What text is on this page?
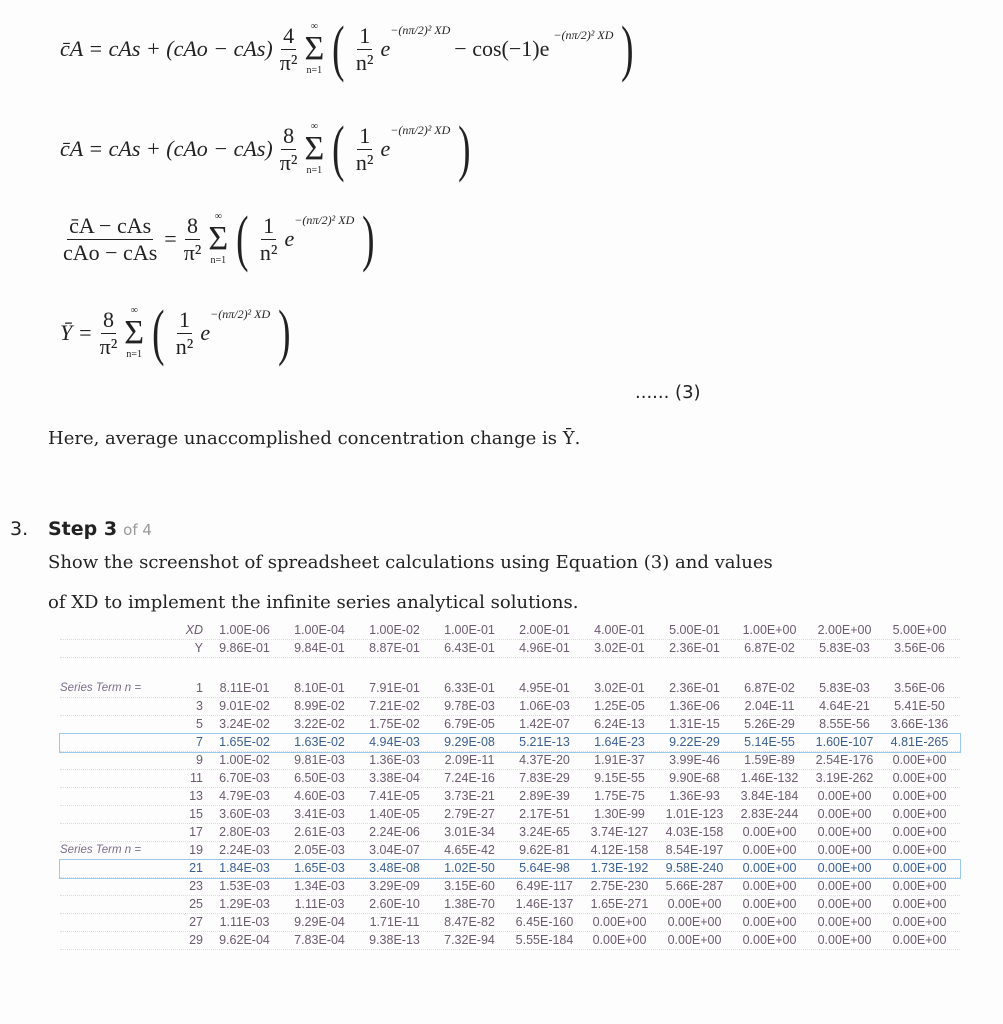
c̄A = cAs + $(cAo - cAs) \frac{4}{\text{π²}}$ ∞
Σ
n=1 ( $\frac{1}{\text{n²}} e^{-(n\pi/2)^2 XD}$
− cos(−1)e
$^{-(n\pi/2)^2 XD}$ )
c̄A = cAs + $(cAo - cAs) \frac{8}{\text{π²}}$ ∞
Σ
n=1 ( $\frac{1}{\text{n²}} e^{-(n\pi/2)^2 XD}$ )
$\frac{\text{c̄A − cAs}}{\text{cAo − cAs}} = \frac{8}{\text{π²}}$ ∞
Σ
n=1 ( $\frac{1}{\text{n²}} e^{-(n\pi/2)^2 XD}$ )
Ȳ = $\frac{8}{\text{π²}}$ ∞
Σ
n=1 ( $\frac{1}{\text{n²}} e^{-(n\pi/2)^2 XD}$ )
...... (3)
Here, average unaccomplished concentration change is Ȳ.
3. Step 3 of 4
Show the screenshot of spreadsheet calculations using Equation (3) and values
of XD to implement the infinite series analytical solutions.
XD	1.00E-06	1.00E-04	1.00E-02	1.00E-01	2.00E-01	4.00E-01	5.00E-01	1.00E+00	2.00E+00	5.00E+00
Y	9.86E-01	9.84E-01	8.87E-01	6.43E-01	4.96E-01	3.02E-01	2.36E-01	6.87E-02	5.83E-03	3.56E-06
Series Term n =	1	8.11E-01	8.10E-01	7.91E-01	6.33E-01	4.95E-01	3.02E-01	2.36E-01	6.87E-02	5.83E-03	3.56E-06
3	9.01E-02	8.99E-02	7.21E-02	9.78E-03	1.06E-03	1.25E-05	1.36E-06	2.04E-11	4.64E-21	5.41E-50
5	3.24E-02	3.22E-02	1.75E-02	6.79E-05	1.42E-07	6.24E-13	1.31E-15	5.26E-29	8.55E-56	3.66E-136
7	1.65E-02	1.63E-02	4.94E-03	9.29E-08	5.21E-13	1.64E-23	9.22E-29	5.14E-55	1.60E-107	4.81E-265
9	1.00E-02	9.81E-03	1.36E-03	2.09E-11	4.37E-20	1.91E-37	3.99E-46	1.59E-89	2.54E-176	0.00E+00
11	6.70E-03	6.50E-03	3.38E-04	7.24E-16	7.83E-29	9.15E-55	9.90E-68	1.46E-132	3.19E-262	0.00E+00
13	4.79E-03	4.60E-03	7.41E-05	3.73E-21	2.89E-39	1.75E-75	1.36E-93	3.84E-184	0.00E+00	0.00E+00
15	3.60E-03	3.41E-03	1.40E-05	2.79E-27	2.17E-51	1.30E-99	1.01E-123	2.83E-244	0.00E+00	0.00E+00
17	2.80E-03	2.61E-03	2.24E-06	3.01E-34	3.24E-65	3.74E-127	4.03E-158	0.00E+00	0.00E+00	0.00E+00
Series Term n =	19	2.24E-03	2.05E-03	3.04E-07	4.65E-42	9.62E-81	4.12E-158	8.54E-197	0.00E+00	0.00E+00	0.00E+00
21	1.84E-03	1.65E-03	3.48E-08	1.02E-50	5.64E-98	1.73E-192	9.58E-240	0.00E+00	0.00E+00	0.00E+00
23	1.53E-03	1.34E-03	3.29E-09	3.15E-60	6.49E-117	2.75E-230	5.66E-287	0.00E+00	0.00E+00	0.00E+00
25	1.29E-03	1.11E-03	2.60E-10	1.38E-70	1.46E-137	1.65E-271	0.00E+00	0.00E+00	0.00E+00	0.00E+00
27	1.11E-03	9.29E-04	1.71E-11	8.47E-82	6.45E-160	0.00E+00	0.00E+00	0.00E+00	0.00E+00	0.00E+00
29	9.62E-04	7.83E-04	9.38E-13	7.32E-94	5.55E-184	0.00E+00	0.00E+00	0.00E+00	0.00E+00	0.00E+00
